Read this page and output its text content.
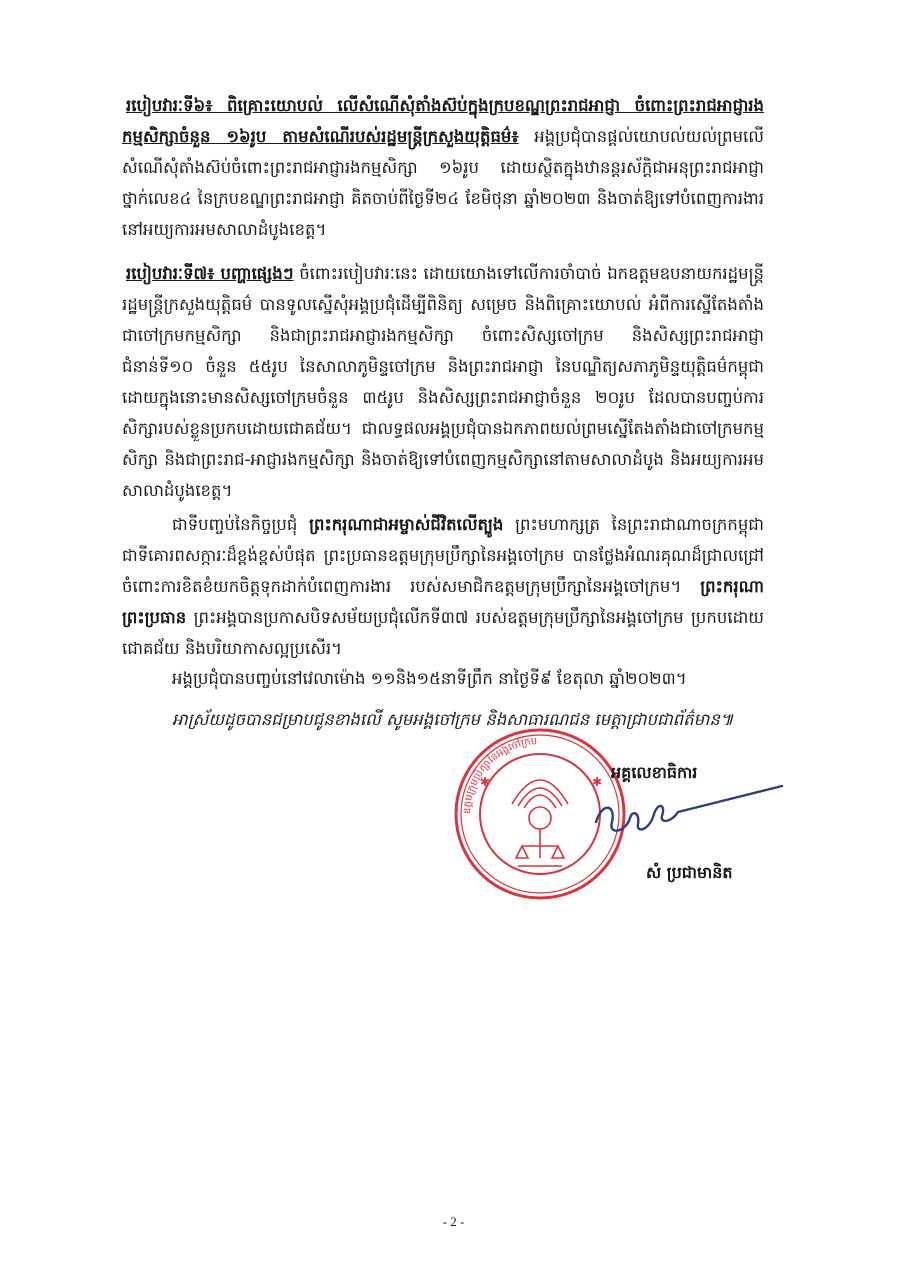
របៀបវារៈទី៦៖ ពិគ្រោះយោបល់ លើសំណើសុំតាំងស៊ប់ក្នុងក្របខណ្ឌព្រះរាជអាជ្ញា ចំពោះព្រះរាជអាជ្ញារង កម្មសិក្សាចំនួន ១៦រូប តាមសំណើរបស់រដ្ឋមន្ត្រីក្រសួងយុត្តិធម៌៖ អង្គប្រជុំបានផ្តល់យោបល់យល់ព្រមលើសំណើសុំតាំងស៊ប់ចំពោះព្រះរាជអាជ្ញារងកម្មសិក្សា ១៦រូប ដោយស្ថិតក្នុងឋានន្តរស័ក្តិជាអនុព្រះរាជអាជ្ញា ថ្នាក់លេខ៤ នៃក្របខណ្ឌព្រះរាជអាជ្ញា គិតចាប់ពីថ្ងៃទី២៤ ខែមិថុនា ឆ្នាំ២០២៣ និងចាត់ឱ្យទៅបំពេញការងារនៅអយ្យការអមសាលាដំបូងខេត្ត។
របៀបវារៈទី៧៖ បញ្ហាផ្សេងៗ ចំពោះរបៀបវារៈនេះ ដោយយោងទៅលើការចាំបាច់ ឯកឧត្តមឧបនាយករដ្ឋមន្ត្រី រដ្ឋមន្ត្រីក្រសួងយុត្តិធម៌ បានទូលស្នើសុំអង្គប្រជុំដើម្បីពិនិត្យ សម្រេច និងពិគ្រោះយោបល់ អំពីការស្នើតែងតាំងជាចៅក្រមកម្មសិក្សា និងជាព្រះរាជអាជ្ញារងកម្មសិក្សា ចំពោះសិស្សចៅក្រម និងសិស្សព្រះរាជអាជ្ញា ជំនាន់ទី១០ ចំនួន ៥៥រូប នៃសាលាភូមិន្ទចៅក្រម និងព្រះរាជអាជ្ញា នៃបណ្ឌិត្យសភាភូមិន្ទយុត្តិធម៌កម្ពុជា ដោយក្នុងនោះមានសិស្សចៅក្រមចំនួន ៣៥រូប និងសិស្សព្រះរាជអាជ្ញាចំនួន ២០រូប ដែលបានបញ្ចប់ការសិក្សារបស់ខ្លួនប្រកបដោយជោគជ័យ។ ជាលទ្ធផលអង្គប្រជុំបានឯកភាពយល់ព្រមស្នើតែងតាំងជាចៅក្រមកម្មសិក្សា និងជាព្រះរាជ-អាជ្ញារងកម្មសិក្សា និងចាត់ឱ្យទៅបំពេញកម្មសិក្សានៅតាមសាលាដំបូង និងអយ្យការអមសាលាដំបូងខេត្ត។
ជាទីបញ្ចប់នៃកិច្ចប្រជុំ ព្រះករុណាជាអម្ចាស់ជីវិតលើត្បូង ព្រះមហាក្សត្រ នៃព្រះរាជាណាចក្រកម្ពុជា ជាទីគោរពសក្ការៈដ៏ខ្ពង់ខ្ពស់បំផុត ព្រះប្រធានឧត្តមក្រុមប្រឹក្សានៃអង្គចៅក្រម បានថ្លែងអំណរគុណដ៏ជ្រាលជ្រៅ ចំពោះការខិតខំយកចិត្តទុកដាក់បំពេញការងារ របស់សមាជិកឧត្តមក្រុមប្រឹក្សានៃអង្គចៅក្រម។ ព្រះករុណាព្រះប្រធាន ព្រះអង្គបានប្រកាសបិទសម័យប្រជុំលើកទី៣៧ របស់ឧត្តមក្រុមប្រឹក្សានៃអង្គចៅក្រម ប្រកបដោយជោគជ័យ និងបរិយាកាសល្អប្រសើរ។
អង្គប្រជុំបានបញ្ចប់នៅវេលាម៉ោង ១១និង១៥នាទីព្រឹក នាថ្ងៃទី៩ ខែតុលា ឆ្នាំ២០២៣។
អាស្រ័យដូចបានជម្រាបជូនខាងលើ សូមអង្គចៅក្រម និងសាធារណជន មេត្តាជ្រាបជាព័ត៌មាន៕
ឧត្តមក្រុមប្រឹក្សានៃអង្គចៅក្រម
✱	✱ អគ្គលេខាធិការ
សំ ប្រជាមានិត
- 2 -
